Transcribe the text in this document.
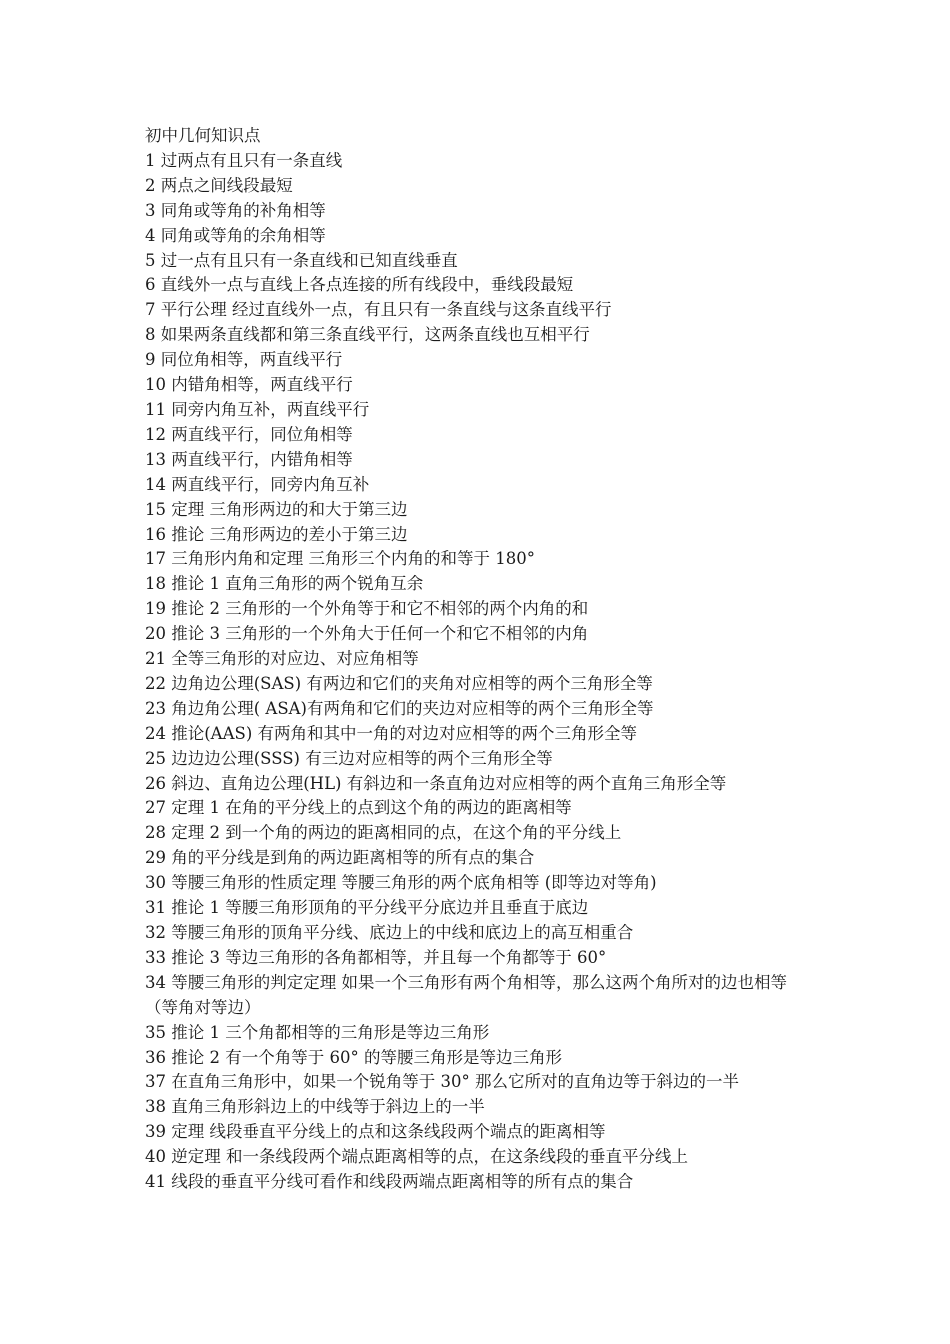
初中几何知识点
1 过两点有且只有一条直线
2 两点之间线段最短
3 同角或等角的补角相等
4 同角或等角的余角相等
5 过一点有且只有一条直线和已知直线垂直
6 直线外一点与直线上各点连接的所有线段中，垂线段最短
7 平行公理 经过直线外一点，有且只有一条直线与这条直线平行
8 如果两条直线都和第三条直线平行，这两条直线也互相平行
9 同位角相等，两直线平行
10 内错角相等，两直线平行
11 同旁内角互补，两直线平行
12 两直线平行，同位角相等
13 两直线平行，内错角相等
14 两直线平行，同旁内角互补
15 定理 三角形两边的和大于第三边
16 推论 三角形两边的差小于第三边
17 三角形内角和定理 三角形三个内角的和等于 180°
18 推论 1 直角三角形的两个锐角互余
19 推论 2 三角形的一个外角等于和它不相邻的两个内角的和
20 推论 3 三角形的一个外角大于任何一个和它不相邻的内角
21 全等三角形的对应边、对应角相等
22 边角边公理(SAS) 有两边和它们的夹角对应相等的两个三角形全等
23 角边角公理( ASA)有两角和它们的夹边对应相等的两个三角形全等
24 推论(AAS) 有两角和其中一角的对边对应相等的两个三角形全等
25 边边边公理(SSS) 有三边对应相等的两个三角形全等
26 斜边、直角边公理(HL) 有斜边和一条直角边对应相等的两个直角三角形全等
27 定理 1 在角的平分线上的点到这个角的两边的距离相等
28 定理 2 到一个角的两边的距离相同的点，在这个角的平分线上
29 角的平分线是到角的两边距离相等的所有点的集合
30 等腰三角形的性质定理 等腰三角形的两个底角相等 (即等边对等角)
31 推论 1 等腰三角形顶角的平分线平分底边并且垂直于底边
32 等腰三角形的顶角平分线、底边上的中线和底边上的高互相重合
33 推论 3 等边三角形的各角都相等，并且每一个角都等于 60°
34 等腰三角形的判定定理 如果一个三角形有两个角相等，那么这两个角所对的边也相等（等角对等边）
35 推论 1 三个角都相等的三角形是等边三角形
36 推论 2 有一个角等于 60° 的等腰三角形是等边三角形
37 在直角三角形中，如果一个锐角等于 30° 那么它所对的直角边等于斜边的一半
38 直角三角形斜边上的中线等于斜边上的一半
39 定理 线段垂直平分线上的点和这条线段两个端点的距离相等
40 逆定理 和一条线段两个端点距离相等的点，在这条线段的垂直平分线上
41 线段的垂直平分线可看作和线段两端点距离相等的所有点的集合
